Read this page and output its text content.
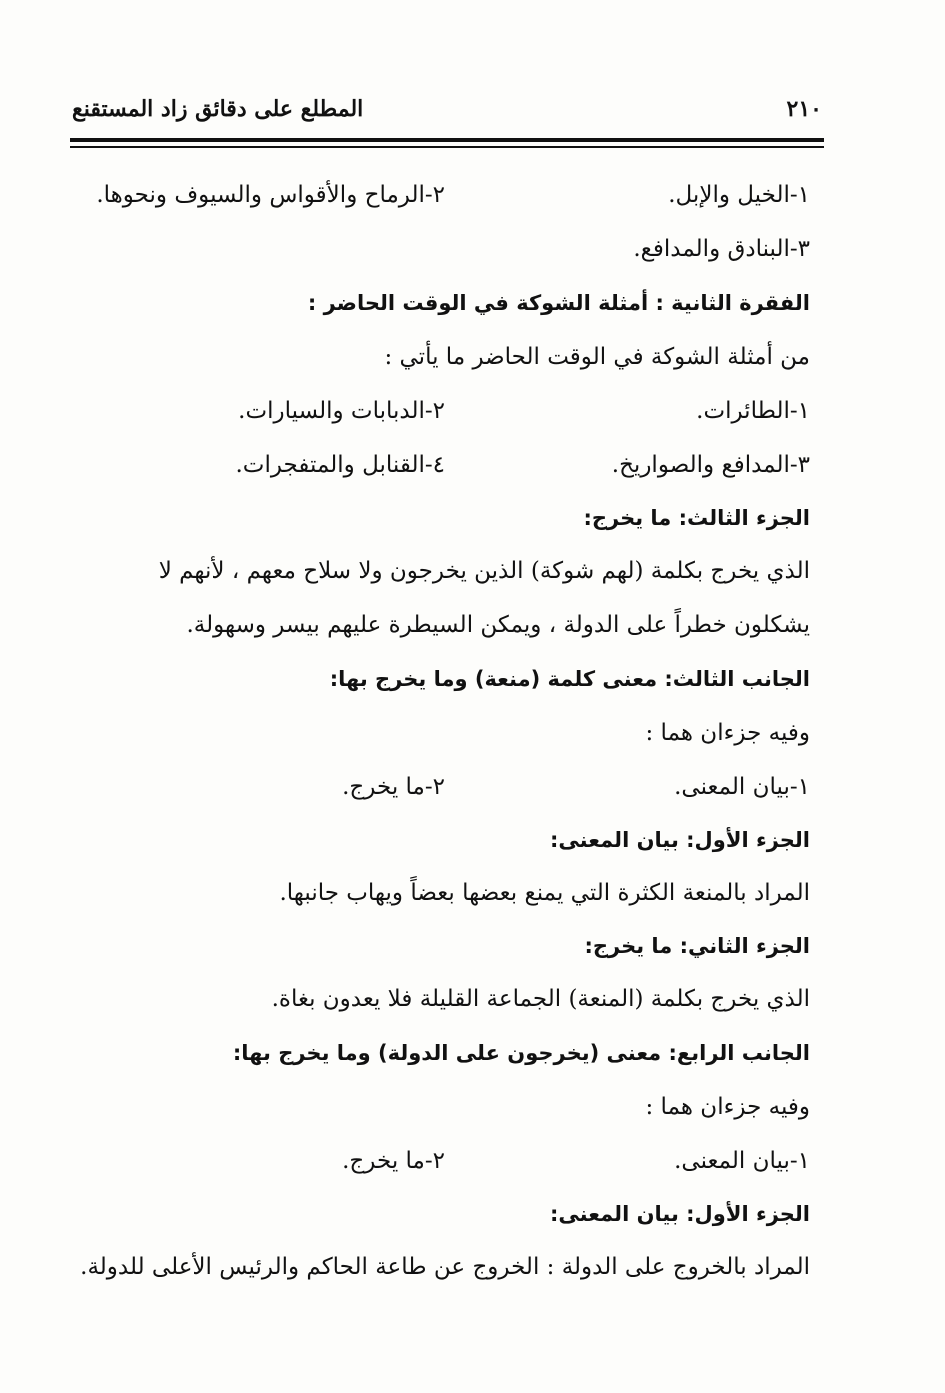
٢١٠
المطلع على دقائق زاد المستقنع
١-الخيل والإبل.
٢-الرماح والأقواس والسيوف ونحوها.
٣-البنادق والمدافع.
الفقرة الثانية : أمثلة الشوكة في الوقت الحاضر :
من أمثلة الشوكة في الوقت الحاضر ما يأتي :
١-الطائرات.
٢-الدبابات والسيارات.
٣-المدافع والصواريخ.
٤-القنابل والمتفجرات.
الجزء الثالث: ما يخرج:
الذي يخرج بكلمة (لهم شوكة) الذين يخرجون ولا سلاح معهم ، لأنهم لا
يشكلون خطراً على الدولة ، ويمكن السيطرة عليهم بيسر وسهولة.
الجانب الثالث: معنى كلمة (منعة) وما يخرج بها:
وفيه جزءان هما :
١-بيان المعنى.
٢-ما يخرج.
الجزء الأول: بيان المعنى:
المراد بالمنعة الكثرة التي يمنع بعضها بعضاً ويهاب جانبها.
الجزء الثاني: ما يخرج:
الذي يخرج بكلمة (المنعة) الجماعة القليلة فلا يعدون بغاة.
الجانب الرابع: معنى (يخرجون على الدولة) وما يخرج بها:
وفيه جزءان هما :
١-بيان المعنى.
٢-ما يخرج.
الجزء الأول: بيان المعنى:
المراد بالخروج على الدولة : الخروج عن طاعة الحاكم والرئيس الأعلى للدولة.
